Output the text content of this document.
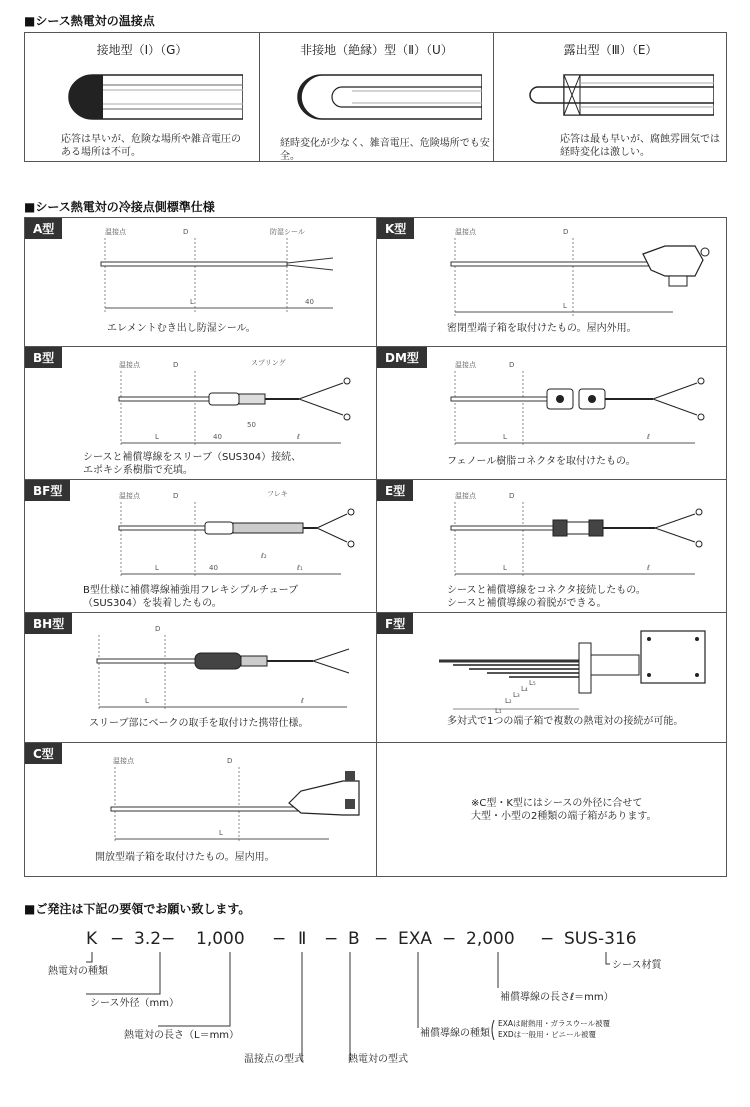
■シース熱電対の温接点
接地型（Ⅰ）（G）
応答は早いが、危険な場所や雑音電圧の
ある場所は不可。
非接地（絶縁）型（Ⅱ）（U）
経時変化が少なく、雑音電圧、危険場所でも安全。
露出型（Ⅲ）（E）
応答は最も早いが、腐蝕雰囲気では
経時変化は激しい。
■シース熱電対の冷接点側標準仕様
A型	温接点	D	防湿シール
L	40
エレメントむき出し防湿シール。
K型	温接点	D
L
密閉型端子箱を取付けたもの。屋内外用。
B型	温接点	D	スプリング
L	40
50
ℓ
シースと補償導線をスリーブ（SUS304）接続、
エポキシ系樹脂で充填。
DM型	温接点	D
L	ℓ
フェノール樹脂コネクタを取付けたもの。
BF型	温接点	D	フレキ
L	40
ℓ₂
ℓ₁
B型仕様に補償導線補強用フレキシブルチューブ
（SUS304）を装着したもの。
E型	温接点	D
L	ℓ
シースと補償導線をコネクタ接続したもの。
シースと補償導線の着脱ができる。
BH型	D
L	ℓ
スリーブ部にベークの取手を取付けた携帯仕様。
F型
L₅
L₄
L₃
L₂
L₁
多対式で1つの端子箱で複数の熱電対の接続が可能。
C型	温接点	D
L
開放型端子箱を取付けたもの。屋内用。
※C型・K型にはシースの外径に合せて
大型・小型の2種類の端子箱があります。
■ご発注は下記の要領でお願い致します。
K − 3.2− 1,000 − Ⅱ − B − EXA − 2,000 − SUS-316
熱電対の種類
シース外径（mm）
熱電対の長さ（L＝mm）
温接点の型式	熱電対の型式
補償導線の種類
EXAは耐熱用・ガラスウール被覆
EXDは一般用・ビニール被覆
補償導線の長さℓ＝mm）
シース材質
